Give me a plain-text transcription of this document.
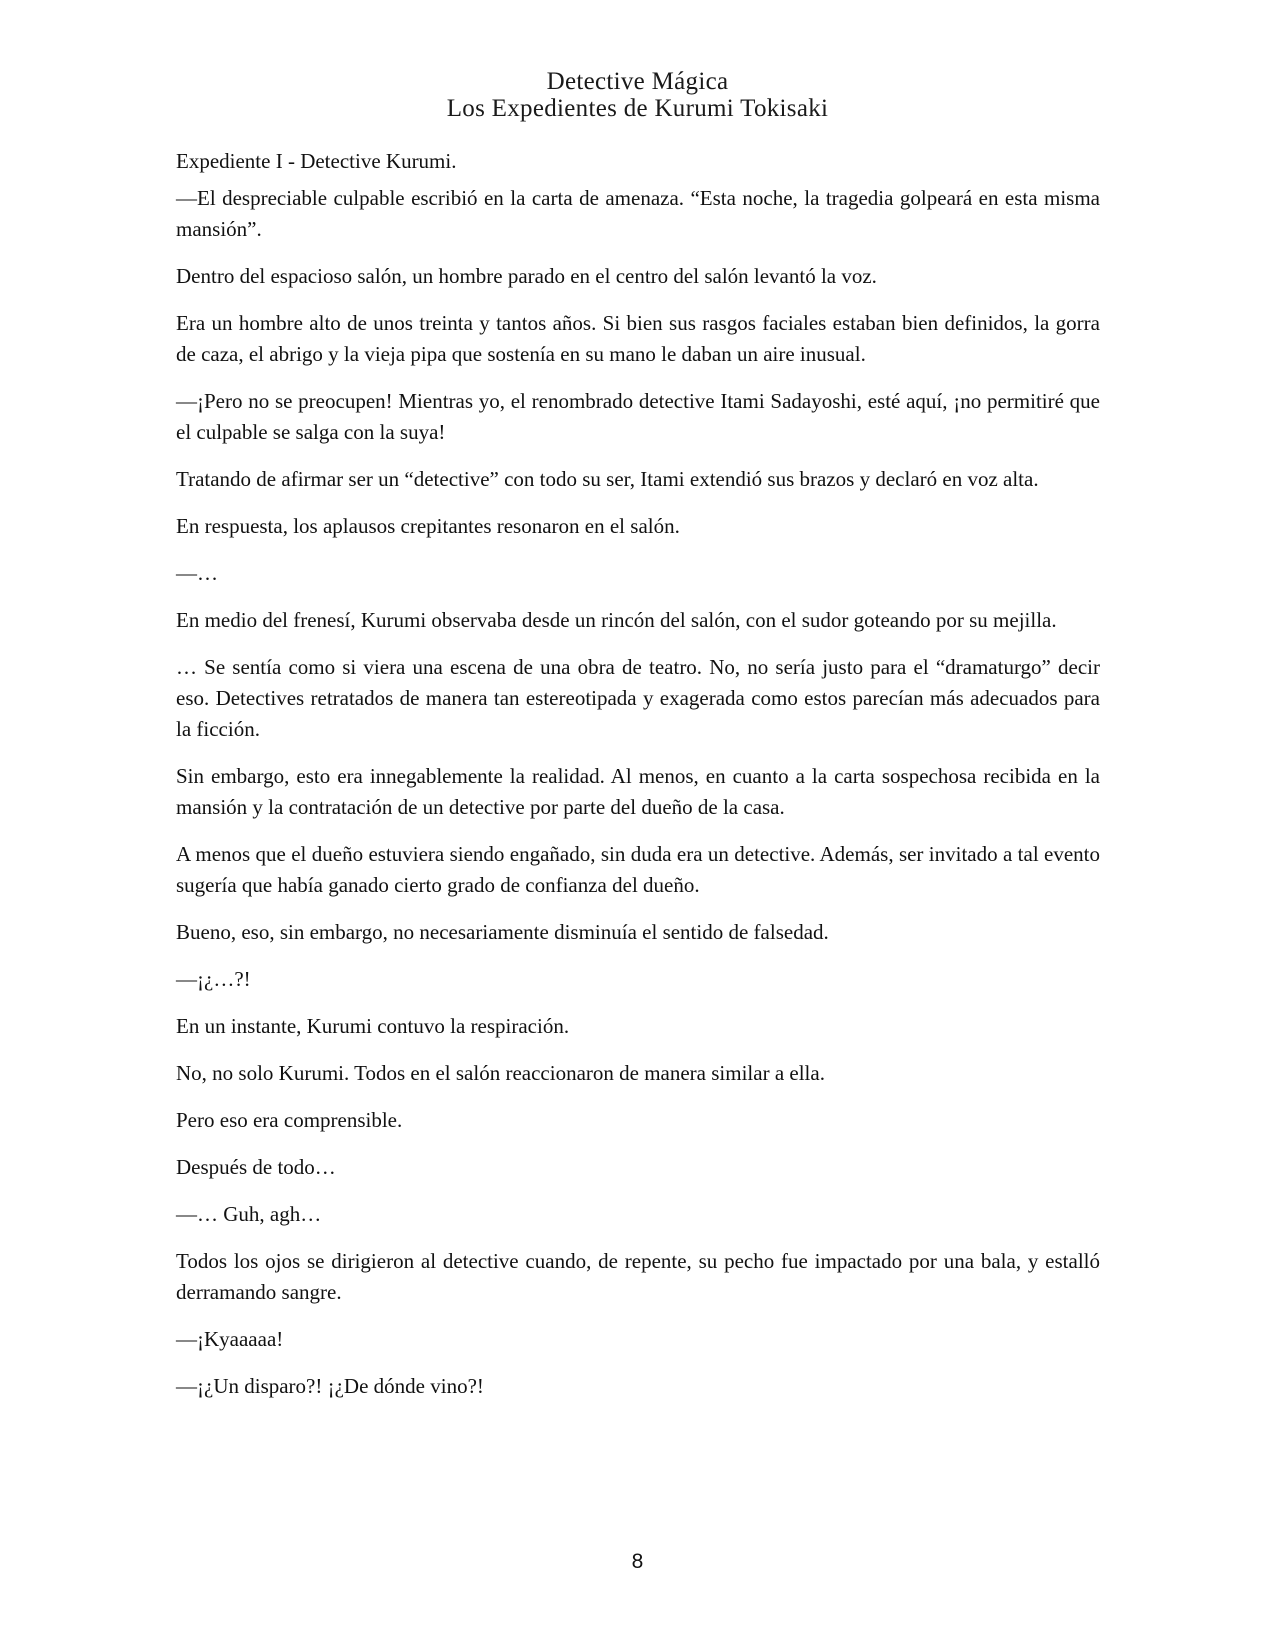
Detective Mágica
Los Expedientes de Kurumi Tokisaki

Expediente I - Detective Kurumi.

—El despreciable culpable escribió en la carta de amenaza. “Esta noche, la tragedia golpeará en esta misma mansión”.

Dentro del espacioso salón, un hombre parado en el centro del salón levantó la voz.

Era un hombre alto de unos treinta y tantos años. Si bien sus rasgos faciales estaban bien definidos, la gorra de caza, el abrigo y la vieja pipa que sostenía en su mano le daban un aire inusual.

—¡Pero no se preocupen! Mientras yo, el renombrado detective Itami Sadayoshi, esté aquí, ¡no permitiré que el culpable se salga con la suya!

Tratando de afirmar ser un “detective” con todo su ser, Itami extendió sus brazos y declaró en voz alta.

En respuesta, los aplausos crepitantes resonaron en el salón.

—…

En medio del frenesí, Kurumi observaba desde un rincón del salón, con el sudor goteando por su mejilla.

… Se sentía como si viera una escena de una obra de teatro. No, no sería justo para el “dramaturgo” decir eso. Detectives retratados de manera tan estereotipada y exagerada como estos parecían más adecuados para la ficción.

Sin embargo, esto era innegablemente la realidad. Al menos, en cuanto a la carta sospechosa recibida en la mansión y la contratación de un detective por parte del dueño de la casa.

A menos que el dueño estuviera siendo engañado, sin duda era un detective. Además, ser invitado a tal evento sugería que había ganado cierto grado de confianza del dueño.

Bueno, eso, sin embargo, no necesariamente disminuía el sentido de falsedad.

—¡¿…?!

En un instante, Kurumi contuvo la respiración.

No, no solo Kurumi. Todos en el salón reaccionaron de manera similar a ella.

Pero eso era comprensible.

Después de todo…

—… Guh, agh…

Todos los ojos se dirigieron al detective cuando, de repente, su pecho fue impactado por una bala, y estalló derramando sangre.

—¡Kyaaaaa!

—¡¿Un disparo?! ¡¿De dónde vino?!

8
